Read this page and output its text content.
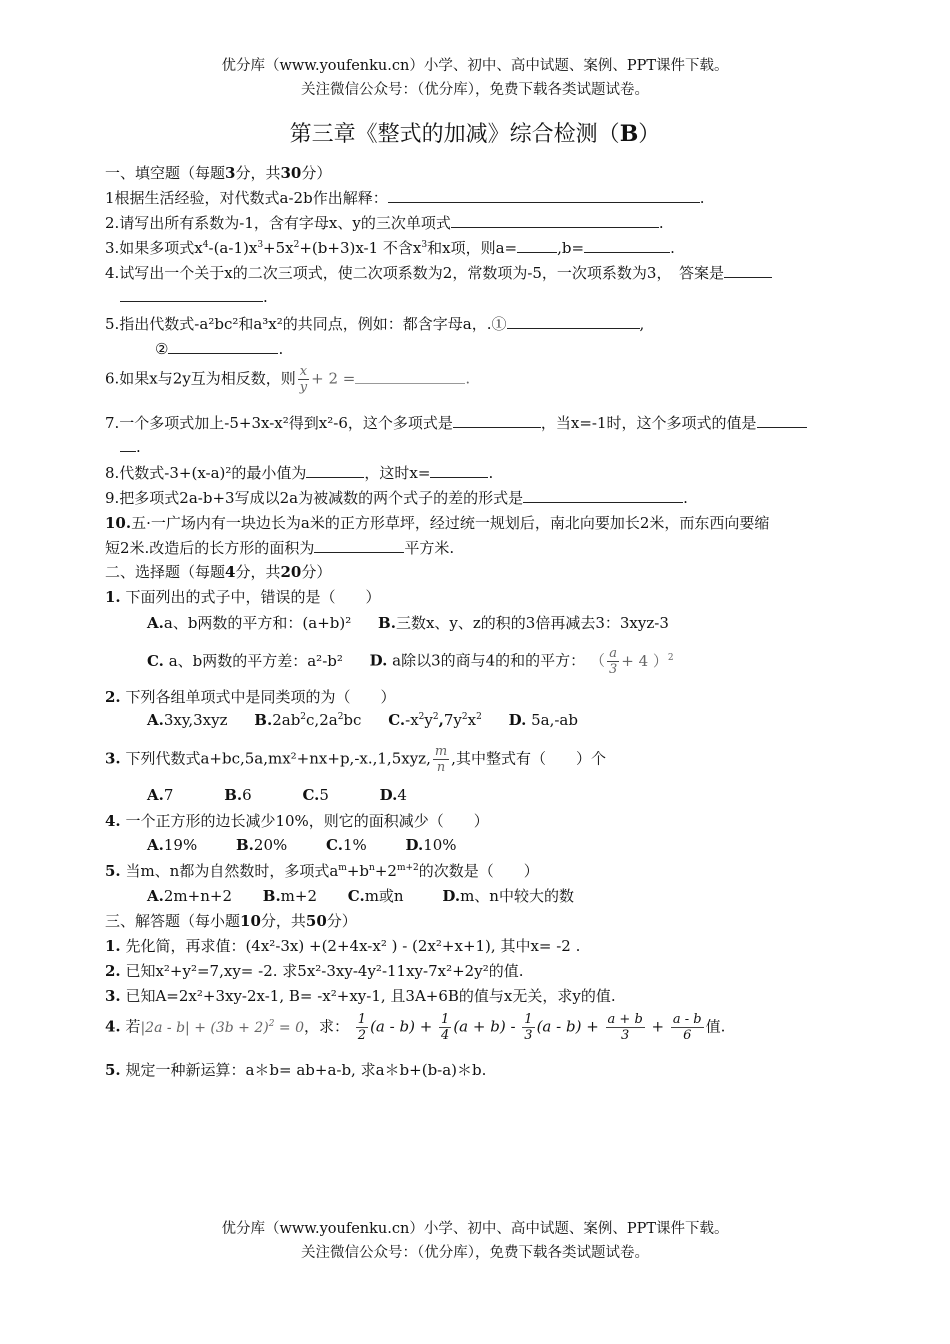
优分库（www.youfenku.cn）小学、初中、高中试题、案例、PPT课件下载。
关注微信公众号：（优分库），免费下载各类试题试卷。
第三章《整式的加减》综合检测（B）
一、填空题（每题3分，共30分）
1根据生活经验，对代数式a-2b作出解释：	.
2.请写出所有系数为-1，含有字母x、y的三次单项式	.
3.如果多项式$x^4-(a-1)x^3+5x^2+(b+3)x-1$ 不含$x^3$和x项，则a=	,b=	.
4.试写出一个关于x的二次三项式，使二次项系数为2，常数项为-5，一次项系数为3，　答案是
.
5.指出代数式-a²bc²和a³x²的共同点，例如：都含字母a，.①	,
②	.
6.如果x与2y互为相反数，则 $\frac{x}{y} + 2$ =	.
7.一个多项式加上-5+3x-x²得到x²-6，这个多项式是	，当x=-1时，这个多项式的值是
.
8.代数式-3+(x-a)²的最小值为	，这时x=	.
9.把多项式2a-b+3写成以2a为被减数的两个式子的差的形式是	.
10.五·一广场内有一块边长为a米的正方形草坪，经过统一规划后，南北向要加长2米，而东西向要缩
短2米.改造后的长方形的面积为	平方米.
二、选择题（每题4分，共20分）
1. 下面列出的式子中，错误的是（　　）
A.a、b两数的平方和：(a+b)² B.三数x、y、z的积的3倍再减去3：3xyz-3
C. a、b两数的平方差：a²-b² D. a除以3的商与4的和的平方： （ $\frac{a}{3} + 4$ ）$^2$
2. 下列各组单项式中是同类项的为（　　）
A.3xy,3xyz $B.2ab^2c,2a^2bc$ $C.-x^2y^2,7y^2x^2$ D. 5a,-ab
3. 下列代数式a+bc,5a,mx²+nx+p,-x.,1,5xyz, $\frac{m}{n}$ ,其中整式有（　　）个
A.7	B.6	C.5	D.4
4. 一个正方形的边长减少10%，则它的面积减少（　　）
A.19%	B.20%	C.1%	D.10%
5. 当m、n都为自然数时，多项式$a^m+b^n+2^{m+2}$的次数是（　　）
A.2m+n+2 B.m+2 C.m或n	D.m、n中较大的数
三、解答题（每小题10分，共50分）
1. 先化简，再求值：(4x²-3x) +(2+4x-x² ) - (2x²+x+1), 其中x= -2 .
2. 已知x²+y²=7,xy= -2. 求5x²-3xy-4y²-11xy-7x²+2y²的值.
3. 已知A=2x²+3xy-2x-1, B= -x²+xy-1, 且3A+6B的值与x无关，求y的值.
4. 若$|2a - b| + (3b + 2)^2 = 0$，求： $\frac{1}{2} (a - b) + \frac{1}{4} (a + b) - \frac{1}{3} (a - b) + \frac{a + b}{3} + \frac{a - b}{6}$ 值.
5. 规定一种新运算：a＊b= ab+a-b, 求a＊b+(b-a)＊b.
优分库（www.youfenku.cn）小学、初中、高中试题、案例、PPT课件下载。
关注微信公众号：（优分库），免费下载各类试题试卷。
